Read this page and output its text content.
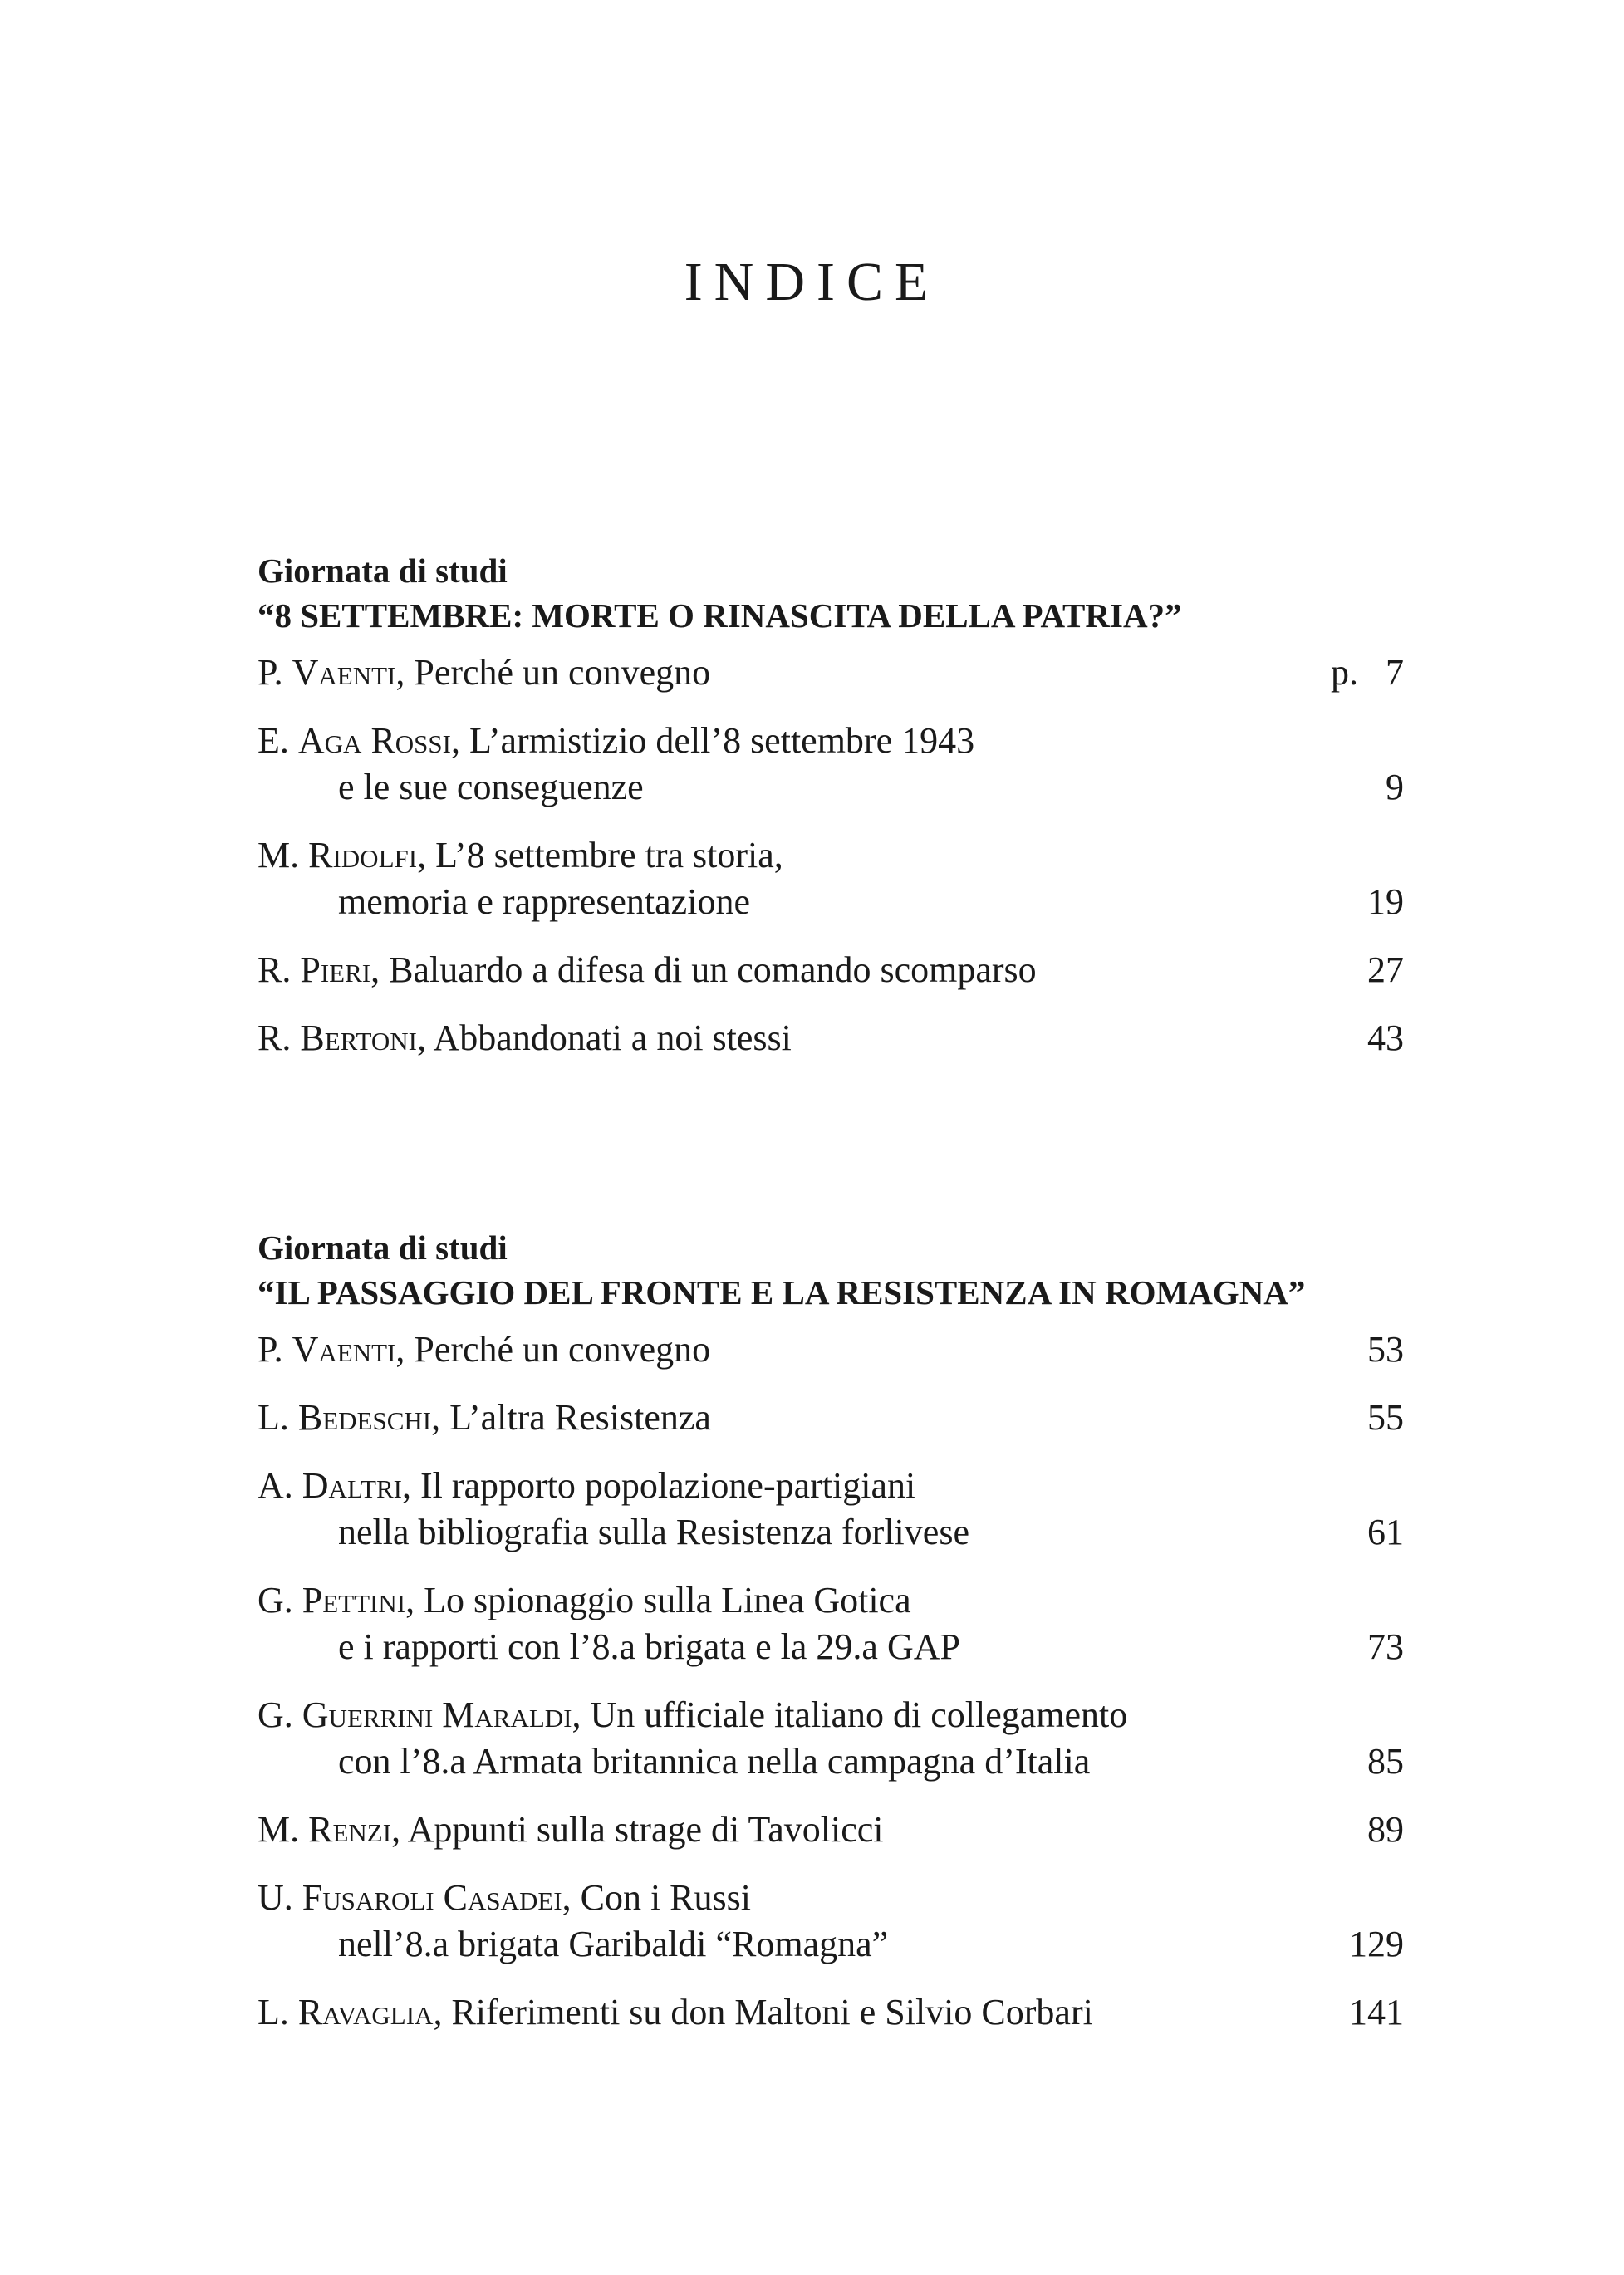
INDICE
Giornata di studi
“8 SETTEMBRE: MORTE O RINASCITA DELLA PATRIA?”
P. Vaenti, Perché un convegno	p.   7
E. Aga Rossi, L’armistizio dell’8 settembre 1943
e le sue conseguenze	9
M. Ridolfi, L’8 settembre tra storia,
memoria e rappresentazione	19
R. Pieri, Baluardo a difesa di un comando scomparso	27
R. Bertoni, Abbandonati a noi stessi	43
Giornata di studi
“IL PASSAGGIO DEL FRONTE E LA RESISTENZA IN ROMAGNA”
P. Vaenti, Perché un convegno	53
L. Bedeschi, L’altra Resistenza	55
A. Daltri, Il rapporto popolazione-partigiani
nella bibliografia sulla Resistenza forlivese	61
G. Pettini, Lo spionaggio sulla Linea Gotica
e i rapporti con l’8.a brigata e la 29.a GAP	73
G. Guerrini Maraldi, Un ufficiale italiano di collegamento
con l’8.a Armata britannica nella campagna d’Italia	85
M. Renzi, Appunti sulla strage di Tavolicci	89
U. Fusaroli Casadei, Con i Russi
nell’8.a brigata Garibaldi “Romagna”	129
L. Ravaglia, Riferimenti su don Maltoni e Silvio Corbari	141
